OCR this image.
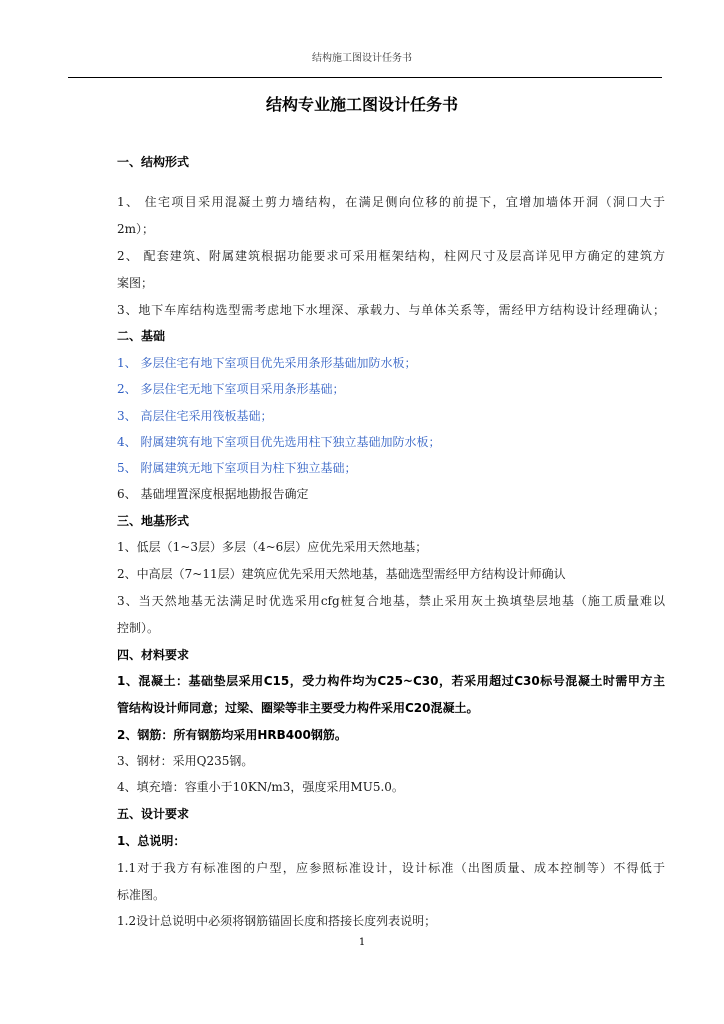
结构施工图设计任务书
结构专业施工图设计任务书
一、结构形式
1、 住宅项目采用混凝土剪力墙结构，在满足侧向位移的前提下，宜增加墙体开洞（洞口大于
2m）；
2、 配套建筑、附属建筑根据功能要求可采用框架结构，柱网尺寸及层高详见甲方确定的建筑方
案图；
3、地下车库结构选型需考虑地下水埋深、承载力、与单体关系等，需经甲方结构设计经理确认；
二、基础
1、 多层住宅有地下室项目优先采用条形基础加防水板；
2、 多层住宅无地下室项目采用条形基础；
3、 高层住宅采用筏板基础；
4、 附属建筑有地下室项目优先选用柱下独立基础加防水板；
5、 附属建筑无地下室项目为柱下独立基础；
6、 基础埋置深度根据地勘报告确定
三、地基形式
1、低层（1~3层）多层（4~6层）应优先采用天然地基；
2、中高层（7~11层）建筑应优先采用天然地基，基础选型需经甲方结构设计师确认
3、当天然地基无法满足时优选采用cfg桩复合地基，禁止采用灰土换填垫层地基（施工质量难以
控制）。
四、材料要求
1、混凝土：基础垫层采用C15，受力构件均为C25~C30，若采用超过C30标号混凝土时需甲方主
管结构设计师同意；过梁、圈梁等非主要受力构件采用C20混凝土。
2、钢筋：所有钢筋均采用HRB400钢筋。
3、钢材：采用Q235钢。
4、填充墙：容重小于10KN/m3，强度采用MU5.0。
五、设计要求
1、总说明：
1.1对于我方有标准图的户型，应参照标准设计，设计标准（出图质量、成本控制等）不得低于
标准图。
1.2设计总说明中必须将钢筋锚固长度和搭接长度列表说明；
1
